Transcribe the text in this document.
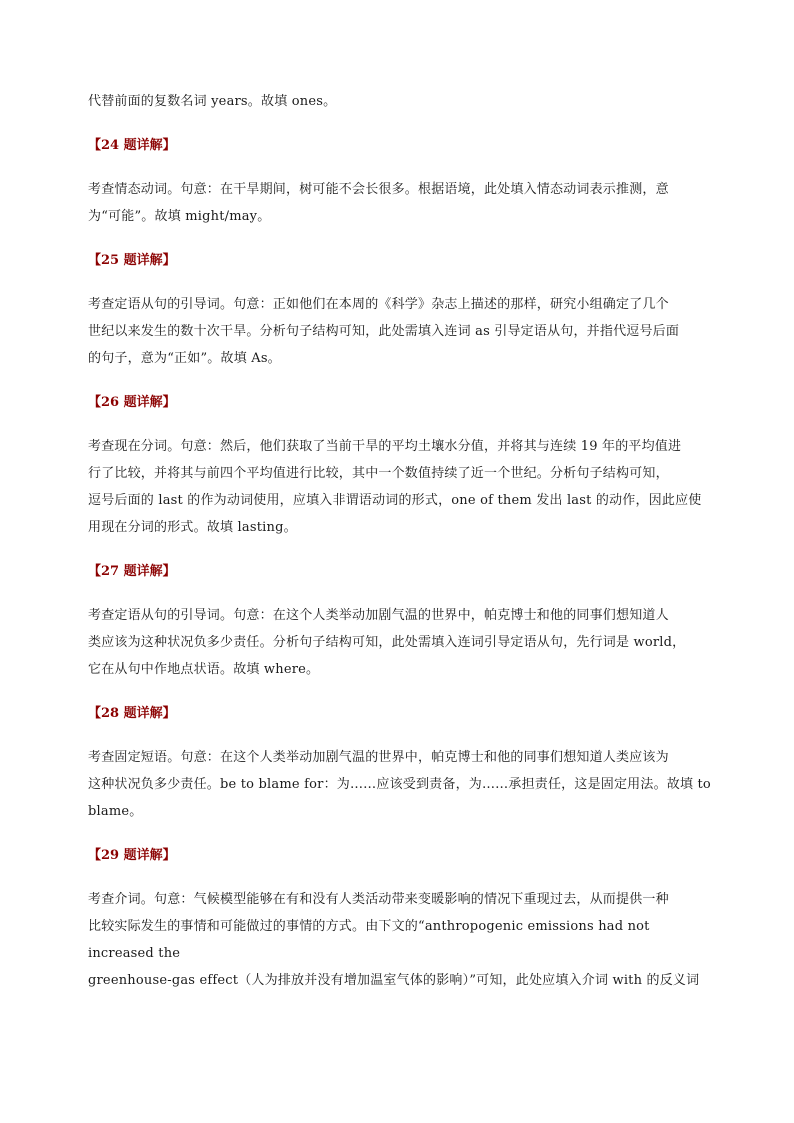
代替前面的复数名词 years。故填 ones。

【24 题详解】

考查情态动词。句意：在干旱期间，树可能不会长很多。根据语境，此处填入情态动词表示推测，意

为“可能”。故填 might/may。

【25 题详解】

考查定语从句的引导词。句意：正如他们在本周的《科学》杂志上描述的那样，研究小组确定了几个

世纪以来发生的数十次干旱。分析句子结构可知，此处需填入连词 as 引导定语从句，并指代逗号后面

的句子，意为“正如”。故填 As。

【26 题详解】

考查现在分词。句意：然后，他们获取了当前干旱的平均土壤水分值，并将其与连续 19 年的平均值进

行了比较，并将其与前四个平均值进行比较，其中一个数值持续了近一个世纪。分析句子结构可知，

逗号后面的 last 的作为动词使用，应填入非谓语动词的形式，one of them 发出 last 的动作，因此应使

用现在分词的形式。故填 lasting。

【27 题详解】

考查定语从句的引导词。句意：在这个人类举动加剧气温的世界中，帕克博士和他的同事们想知道人

类应该为这种状况负多少责任。分析句子结构可知，此处需填入连词引导定语从句，先行词是 world，

它在从句中作地点状语。故填 where。

【28 题详解】

考查固定短语。句意：在这个人类举动加剧气温的世界中，帕克博士和他的同事们想知道人类应该为

这种状况负多少责任。be to blame for：为……应该受到责备，为……承担责任，这是固定用法。故填 to

blame。

【29 题详解】

考查介词。句意：气候模型能够在有和没有人类活动带来变暖影响的情况下重现过去，从而提供一种

比较实际发生的事情和可能做过的事情的方式。由下文的“anthropogenic emissions had not increased the

greenhouse-gas effect（人为排放并没有增加温室气体的影响）”可知，此处应填入介词 with 的反义词
